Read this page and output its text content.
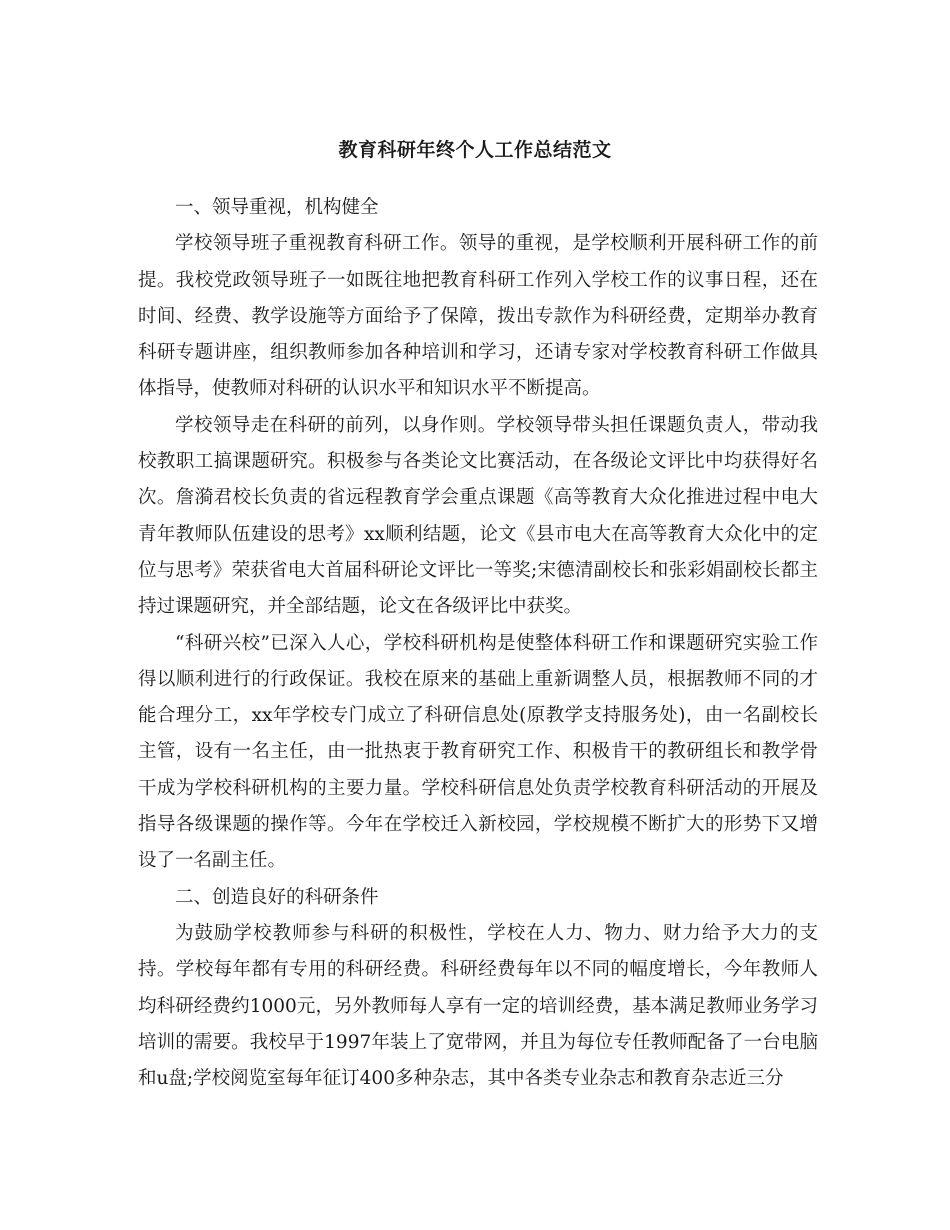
教育科研年终个人工作总结范文

一、领导重视，机构健全

学校领导班子重视教育科研工作。领导的重视，是学校顺利开展科研工作的前提。我校党政领导班子一如既往地把教育科研工作列入学校工作的议事日程，还在时间、经费、教学设施等方面给予了保障，拨出专款作为科研经费，定期举办教育科研专题讲座，组织教师参加各种培训和学习，还请专家对学校教育科研工作做具体指导，使教师对科研的认识水平和知识水平不断提高。

学校领导走在科研的前列，以身作则。学校领导带头担任课题负责人，带动我校教职工搞课题研究。积极参与各类论文比赛活动，在各级论文评比中均获得好名次。詹漪君校长负责的省远程教育学会重点课题《高等教育大众化推进过程中电大青年教师队伍建设的思考》xx顺利结题，论文《县市电大在高等教育大众化中的定位与思考》荣获省电大首届科研论文评比一等奖;宋德清副校长和张彩娟副校长都主持过课题研究，并全部结题，论文在各级评比中获奖。

“科研兴校”已深入人心，学校科研机构是使整体科研工作和课题研究实验工作得以顺利进行的行政保证。我校在原来的基础上重新调整人员，根据教师不同的才能合理分工，xx年学校专门成立了科研信息处(原教学支持服务处)，由一名副校长主管，设有一名主任，由一批热衷于教育研究工作、积极肯干的教研组长和教学骨干成为学校科研机构的主要力量。学校科研信息处负责学校教育科研活动的开展及指导各级课题的操作等。今年在学校迁入新校园，学校规模不断扩大的形势下又增设了一名副主任。

二、创造良好的科研条件

为鼓励学校教师参与科研的积极性，学校在人力、物力、财力给予大力的支持。学校每年都有专用的科研经费。科研经费每年以不同的幅度增长，今年教师人均科研经费约1000元，另外教师每人享有一定的培训经费，基本满足教师业务学习培训的需要。我校早于1997年装上了宽带网，并且为每位专任教师配备了一台电脑和u盘;学校阅览室每年征订400多种杂志，其中各类专业杂志和教育杂志近三分
